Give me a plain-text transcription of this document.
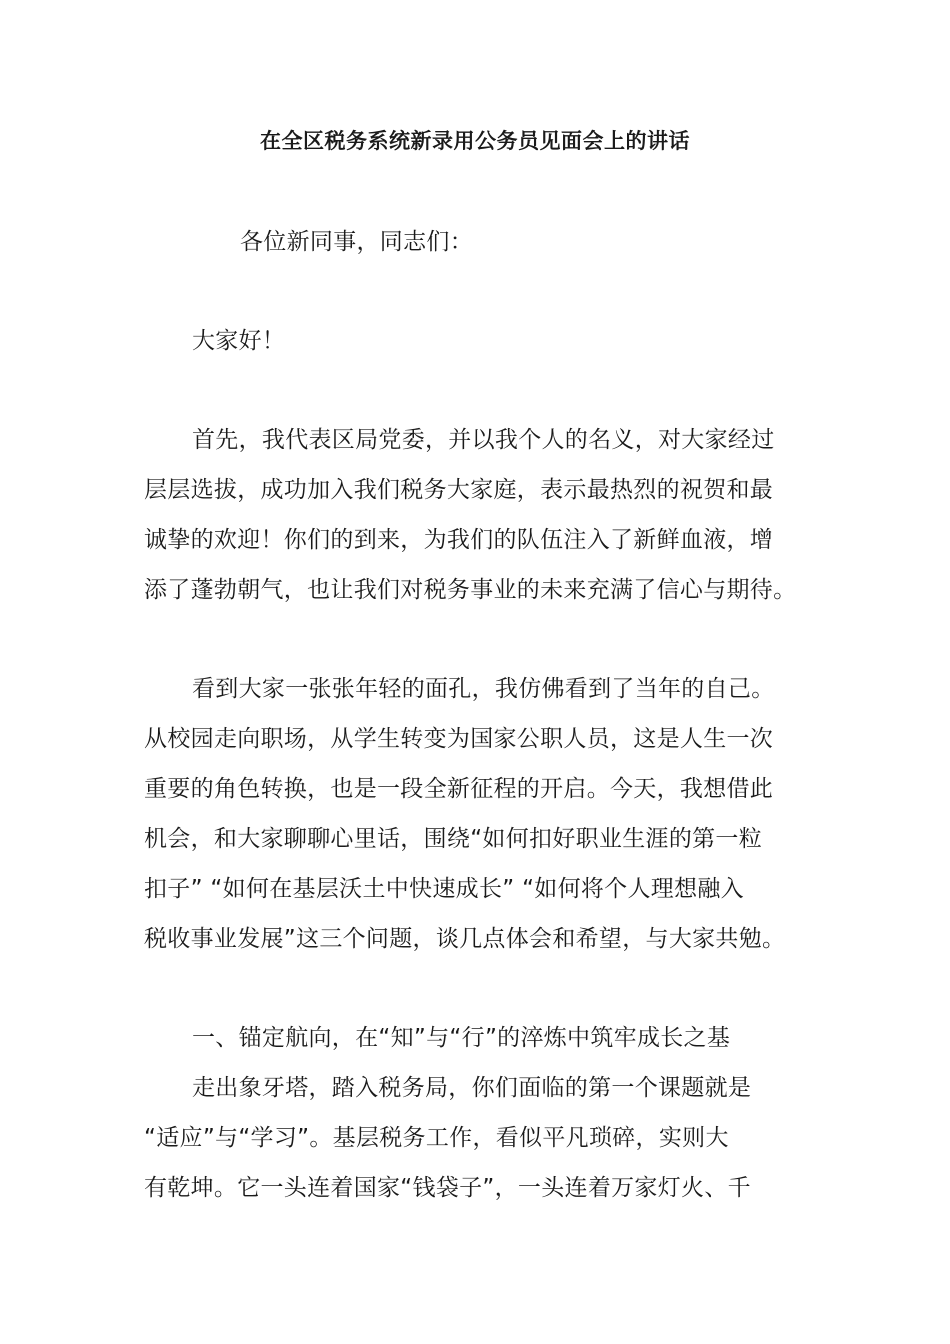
在全区税务系统新录用公务员见面会上的讲话
各位新同事，同志们：
大家好！
首先，我代表区局党委，并以我个人的名义，对大家经过
层层选拔，成功加入我们税务大家庭，表示最热烈的祝贺和最
诚挚的欢迎！你们的到来，为我们的队伍注入了新鲜血液，增
添了蓬勃朝气，也让我们对税务事业的未来充满了信心与期待。
看到大家一张张年轻的面孔，我仿佛看到了当年的自己。
从校园走向职场，从学生转变为国家公职人员，这是人生一次
重要的角色转换，也是一段全新征程的开启。今天，我想借此
机会，和大家聊聊心里话，围绕“如何扣好职业生涯的第一粒
扣子” “如何在基层沃土中快速成长” “如何将个人理想融入
税收事业发展”这三个问题，谈几点体会和希望，与大家共勉。
一、锚定航向，在“知”与“行”的淬炼中筑牢成长之基
走出象牙塔，踏入税务局，你们面临的第一个课题就是
“适应”与“学习”。基层税务工作，看似平凡琐碎，实则大
有乾坤。它一头连着国家“钱袋子”，一头连着万家灯火、千
